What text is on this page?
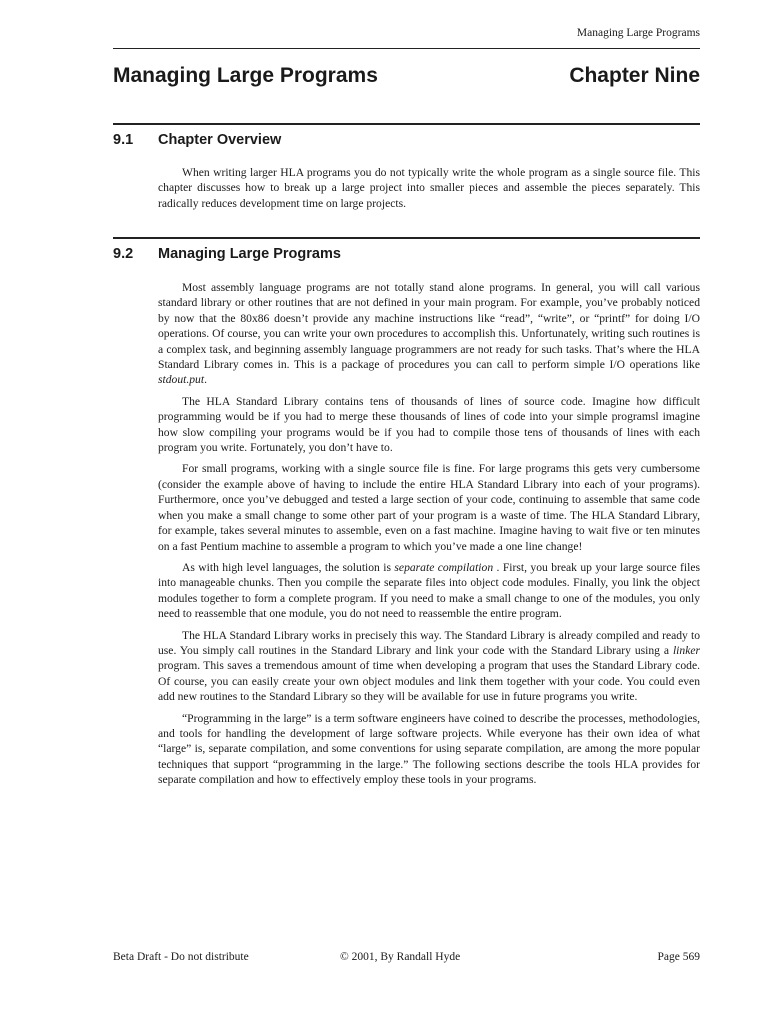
Managing Large Programs
Managing Large Programs	Chapter Nine
9.1 Chapter Overview

When writing larger HLA programs you do not typically write the whole program as a single source file. This chapter discusses how to break up a large project into smaller pieces and assemble the pieces separately. This radically reduces development time on large projects.

9.2 Managing Large Programs

Most assembly language programs are not totally stand alone programs. In general, you will call various standard library or other routines that are not defined in your main program. For example, you’ve probably noticed by now that the 80x86 doesn’t provide any machine instructions like “read”, “write”, or “printf” for doing I/O operations. Of course, you can write your own procedures to accomplish this. Unfortunately, writing such routines is a complex task, and beginning assembly language programmers are not ready for such tasks. That’s where the HLA Standard Library comes in. This is a package of procedures you can call to perform simple I/O operations like stdout.put.

The HLA Standard Library contains tens of thousands of lines of source code. Imagine how difficult programming would be if you had to merge these thousands of lines of code into your simple programsl imagine how slow compiling your programs would be if you had to compile those tens of thousands of lines with each program you write. Fortunately, you don’t have to.

For small programs, working with a single source file is fine. For large programs this gets very cumbersome (consider the example above of having to include the entire HLA Standard Library into each of your programs). Furthermore, once you’ve debugged and tested a large section of your code, continuing to assemble that same code when you make a small change to some other part of your program is a waste of time. The HLA Standard Library, for example, takes several minutes to assemble, even on a fast machine. Imagine having to wait five or ten minutes on a fast Pentium machine to assemble a program to which you’ve made a one line change!

As with high level languages, the solution is separate compilation . First, you break up your large source files into manageable chunks. Then you compile the separate files into object code modules. Finally, you link the object modules together to form a complete program. If you need to make a small change to one of the modules, you only need to reassemble that one module, you do not need to reassemble the entire program.

The HLA Standard Library works in precisely this way. The Standard Library is already compiled and ready to use. You simply call routines in the Standard Library and link your code with the Standard Library using a linker program. This saves a tremendous amount of time when developing a program that uses the Standard Library code. Of course, you can easily create your own object modules and link them together with your code. You could even add new routines to the Standard Library so they will be available for use in future programs you write.

“Programming in the large” is a term software engineers have coined to describe the processes, methodologies, and tools for handling the development of large software projects. While everyone has their own idea of what “large” is, separate compilation, and some conventions for using separate compilation, are among the more popular techniques that support “programming in the large.” The following sections describe the tools HLA provides for separate compilation and how to effectively employ these tools in your programs.

Beta Draft - Do not distribute	© 2001, By Randall Hyde	Page 569
